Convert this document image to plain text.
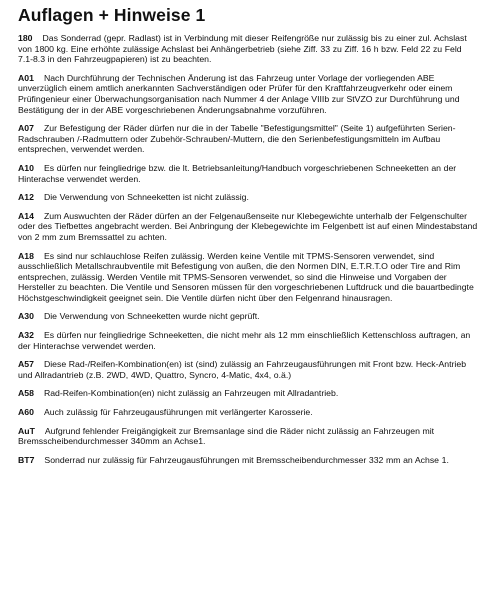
Auflagen + Hinweise 1

180 Das Sonderrad (gepr. Radlast) ist in Verbindung mit dieser Reifengröße nur zulässig bis zu einer zul. Achslast von 1800 kg. Eine erhöhte zulässige Achslast bei Anhängerbetrieb (siehe Ziff. 33 zu Ziff. 16 h bzw. Feld 22 zu Feld 7.1-8.3 in den Fahrzeugpapieren) ist zu beachten.

A01 Nach Durchführung der Technischen Änderung ist das Fahrzeug unter Vorlage der vorliegenden ABE unverzüglich einem amtlich anerkannten Sachverständigen oder Prüfer für den Kraftfahrzeugverkehr oder einem Prüfingenieur einer Überwachungsorganisation nach Nummer 4 der Anlage VIIIb zur StVZO zur Durchführung und Bestätigung der in der ABE vorgeschriebenen Änderungsabnahme vorzuführen.

A07 Zur Befestigung der Räder dürfen nur die in der Tabelle "Befestigungsmittel" (Seite 1) aufgeführten Serien-Radschrauben /-Radmuttern oder Zubehör-Schrauben/-Muttern, die den Serienbefestigungsmitteln im Aufbau entsprechen, verwendet werden.

A10 Es dürfen nur feingliedrige bzw. die lt. Betriebsanleitung/Handbuch vorgeschriebenen Schneeketten an der Hinterachse verwendet werden.

A12 Die Verwendung von Schneeketten ist nicht zulässig.

A14 Zum Auswuchten der Räder dürfen an der Felgenaußenseite nur Klebegewichte unterhalb der Felgenschulter oder des Tiefbettes angebracht werden. Bei Anbringung der Klebegewichte im Felgenbett ist auf einen Mindestabstand von 2 mm zum Bremssattel zu achten.

A18 Es sind nur schlauchlose Reifen zulässig. Werden keine Ventile mit TPMS-Sensoren verwendet, sind ausschließlich Metallschraubventile mit Befestigung von außen, die den Normen DIN, E.T.R.T.O oder Tire and Rim entsprechen, zulässig. Werden Ventile mit TPMS-Sensoren verwendet, so sind die Hinweise und Vorgaben der Hersteller zu beachten. Die Ventile und Sensoren müssen für den vorgeschriebenen Luftdruck und die bauartbedingte Höchstgeschwindigkeit geeignet sein. Die Ventile dürfen nicht über den Felgenrand hinausragen.

A30 Die Verwendung von Schneeketten wurde nicht geprüft.

A32 Es dürfen nur feingliedrige Schneeketten, die nicht mehr als 12 mm einschließlich Kettenschloss auftragen, an der Hinterachse verwendet werden.

A57 Diese Rad-/Reifen-Kombination(en) ist (sind) zulässig an Fahrzeugausführungen mit Front bzw. Heck-Antrieb und Allradantrieb (z.B. 2WD, 4WD, Quattro, Syncro, 4-Matic, 4x4, o.ä.)

A58 Rad-Reifen-Kombination(en) nicht zulässig an Fahrzeugen mit Allradantrieb.

A60 Auch zulässig für Fahrzeugausführungen mit verlängerter Karosserie.

AuT Aufgrund fehlender Freigängigkeit zur Bremsanlage sind die Räder nicht zulässig an Fahrzeugen mit Bremsscheibendurchmesser 340mm an Achse1.

BT7 Sonderrad nur zulässig für Fahrzeugausführungen mit Bremsscheibendurchmesser 332 mm an Achse 1.
